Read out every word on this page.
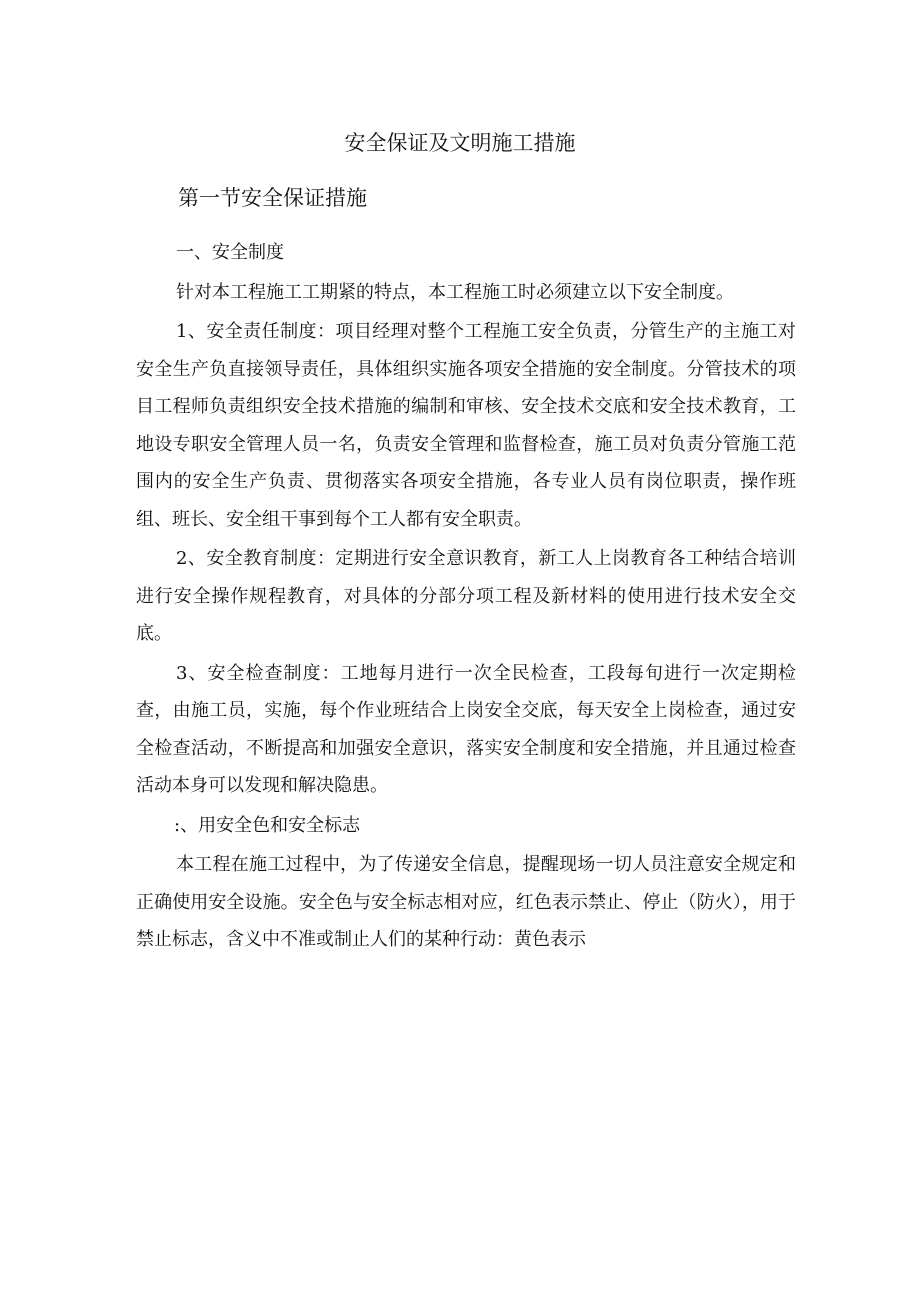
安全保证及文明施工措施
第一节安全保证措施

一、安全制度

针对本工程施工工期紧的特点，本工程施工时必须建立以下安全制度。

1、安全责任制度：项目经理对整个工程施工安全负责，分管生产的主施工对安全生产负直接领导责任，具体组织实施各项安全措施的安全制度。分管技术的项目工程师负责组织安全技术措施的编制和审核、安全技术交底和安全技术教育，工地设专职安全管理人员一名，负责安全管理和监督检查，施工员对负责分管施工范围内的安全生产负责、贯彻落实各项安全措施，各专业人员有岗位职责，操作班组、班长、安全组干事到每个工人都有安全职责。

2、安全教育制度：定期进行安全意识教育，新工人上岗教育各工种结合培训进行安全操作规程教育，对具体的分部分项工程及新材料的使用进行技术安全交底。

3、安全检查制度：工地每月进行一次全民检查，工段每旬进行一次定期检查，由施工员，实施，每个作业班结合上岗安全交底，每天安全上岗检查，通过安全检查活动，不断提高和加强安全意识，落实安全制度和安全措施，并且通过检查活动本身可以发现和解决隐患。

:、用安全色和安全标志

本工程在施工过程中，为了传递安全信息，提醒现场一切人员注意安全规定和正确使用安全设施。安全色与安全标志相对应，红色表示禁止、停止（防火），用于禁止标志，含义中不准或制止人们的某种行动：黄色表示
